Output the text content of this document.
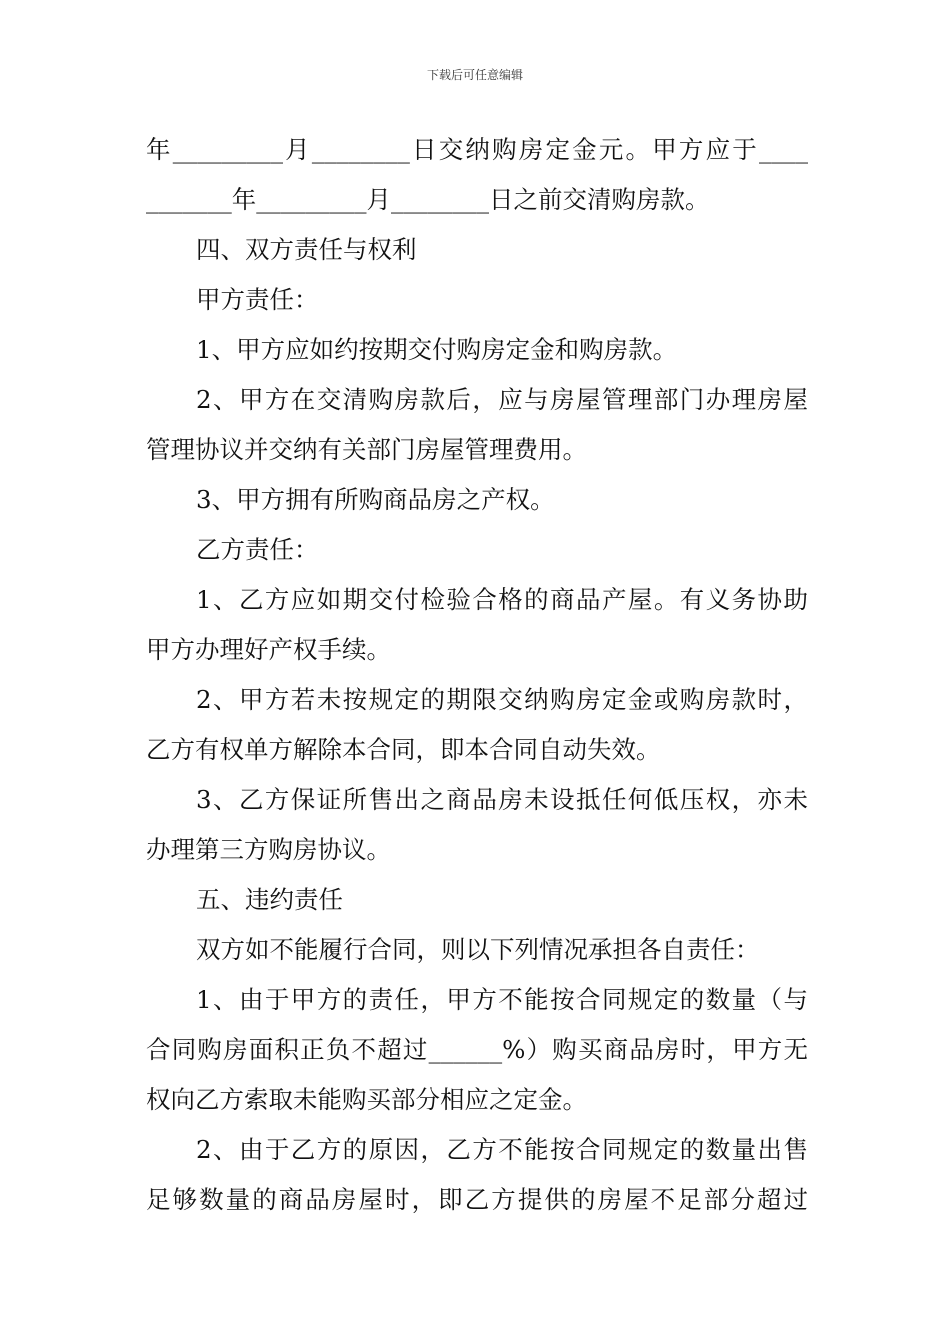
下载后可任意编辑
年_________月________日交纳购房定金元。甲方应于____
_______年_________月________日之前交清购房款。
四、双方责任与权利
甲方责任：
1、甲方应如约按期交付购房定金和购房款。
2、甲方在交清购房款后，应与房屋管理部门办理房屋
管理协议并交纳有关部门房屋管理费用。
3、甲方拥有所购商品房之产权。
乙方责任：
1、乙方应如期交付检验合格的商品产屋。有义务协助
甲方办理好产权手续。
2、甲方若未按规定的期限交纳购房定金或购房款时，
乙方有权单方解除本合同，即本合同自动失效。
3、乙方保证所售出之商品房未设抵任何低压权，亦未
办理第三方购房协议。
五、违约责任
双方如不能履行合同，则以下列情况承担各自责任：
1、由于甲方的责任，甲方不能按合同规定的数量（与
合同购房面积正负不超过______%）购买商品房时，甲方无
权向乙方索取未能购买部分相应之定金。
2、由于乙方的原因，乙方不能按合同规定的数量出售
足够数量的商品房屋时，即乙方提供的房屋不足部分超过
